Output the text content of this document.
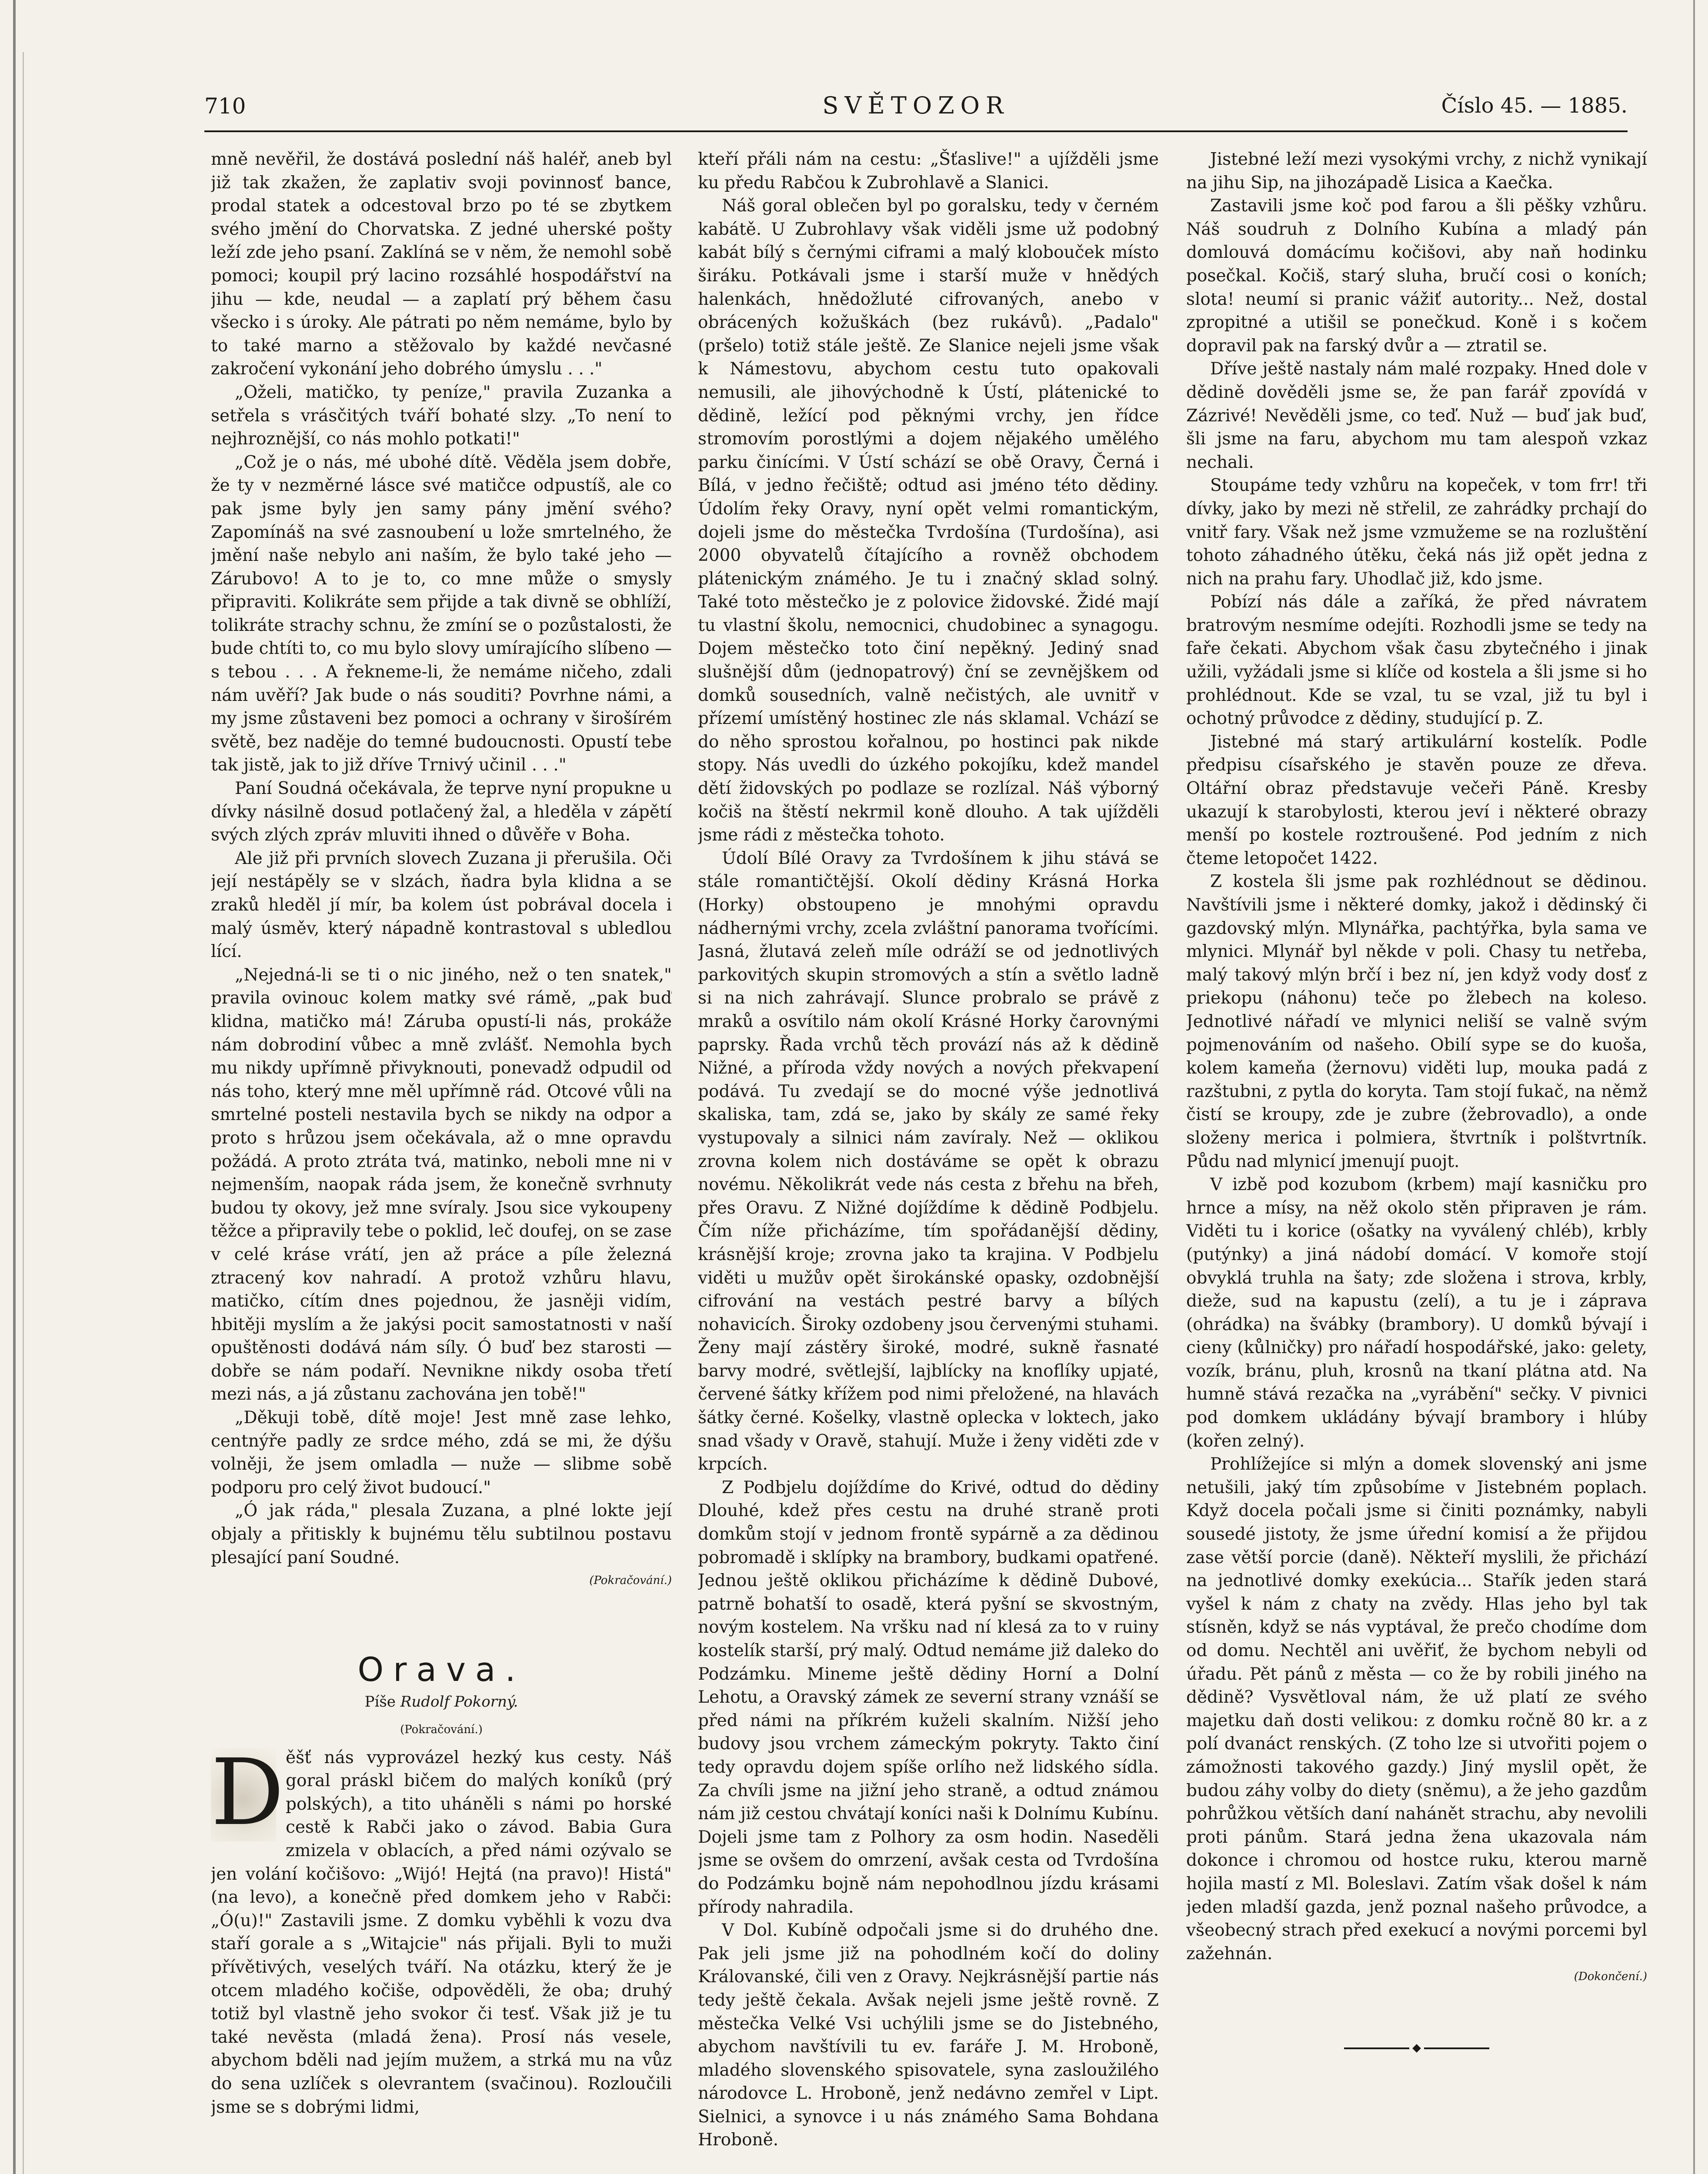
710	SVĚTOZOR	Číslo 45. — 1885.

mně nevěřil, že dostává poslední náš haléř, aneb byl již tak zkažen, že zaplativ svoji povinnosť bance, prodal statek a odcestoval brzo po té se zbytkem svého jmění do Chorvatska. Z jedné uherské pošty leží zde jeho psaní. Zaklíná se v něm, že nemohl sobě pomoci; koupil prý lacino rozsáhlé hospodářství na jihu — kde, neudal — a zaplatí prý během času všecko i s úroky. Ale pátrati po něm nemáme, bylo by to také marno a stěžovalo by každé nevčasné zakročení vykonání jeho dobrého úmyslu . . ."

„Oželi, matičko, ty peníze," pravila Zuzanka a setřela s vrásčitých tváří bohaté slzy. „To není to nejhroznější, co nás mohlo potkati!"

„Což je o nás, mé ubohé dítě. Věděla jsem dobře, že ty v nezměrné lásce své matičce odpustíš, ale co pak jsme byly jen samy pány jmění svého? Zapomínáš na své zasnoubení u lože smrtelného, že jmění naše nebylo ani naším, že bylo také jeho — Zárubovo! A to je to, co mne může o smysly připraviti. Kolikráte sem přijde a tak divně se obhlíží, tolikráte strachy schnu, že zmíní se o pozůstalosti, že bude chtíti to, co mu bylo slovy umírajícího slíbeno — s tebou . . . A řekneme-li, že nemáme ničeho, zdali nám uvěří? Jak bude o nás souditi? Povrhne námi, a my jsme zůstaveni bez pomoci a ochrany v širošírém světě, bez naděje do temné budoucnosti. Opustí tebe tak jistě, jak to již dříve Trnivý učinil . . ."

Paní Soudná očekávala, že teprve nyní propukne u dívky násilně dosud potlačený žal, a hleděla v zápětí svých zlých zpráv mluviti ihned o důvěře v Boha.

Ale již při prvních slovech Zuzana ji přerušila. Oči její nestápěly se v slzách, ňadra byla klidna a se zraků hleděl jí mír, ba kolem úst pobrával docela i malý úsměv, který nápadně kontrastoval s ubledlou lící.

„Nejedná-li se ti o nic jiného, než o ten snatek," pravila ovinouc kolem matky své rámě, „pak buď klidna, matičko má! Záruba opustí-li nás, prokáže nám dobrodiní vůbec a mně zvlášť. Nemohla bych mu nikdy upřímně přivyknouti, ponevadž odpudil od nás toho, který mne měl upřímně rád. Otcové vůli na smrtelné posteli nestavila bych se nikdy na odpor a proto s hrůzou jsem očekávala, až o mne opravdu požádá. A proto ztráta tvá, matinko, neboli mne ni v nejmenším, naopak ráda jsem, že konečně svrhnuty budou ty okovy, jež mne svíraly. Jsou sice vykoupeny těžce a připravily tebe o poklid, leč doufej, on se zase v celé kráse vrátí, jen až práce a píle železná ztracený kov nahradí. A protož vzhůru hlavu, matičko, cítím dnes pojednou, že jasněji vidím, hbitěji myslím a že jakýsi pocit samostatnosti v naší opuštěnosti dodává nám síly. Ó buď bez starosti — dobře se nám podaří. Nevnikne nikdy osoba třetí mezi nás, a já zůstanu zachována jen tobě!"

„Děkuji tobě, dítě moje! Jest mně zase lehko, centnýře padly ze srdce mého, zdá se mi, že dýšu volněji, že jsem omladla — nuže — slibme sobě podporu pro celý život budoucí."

„Ó jak ráda," plesala Zuzana, a plné lokte její objaly a přitiskly k bujnému tělu subtilnou postavu plesající paní Soudné.

(Pokračování.)
Orava.
Píše Rudolf Pokorný.
(Pokračování.)

D ěšť nás vyprovázel hezký kus cesty. Náš goral práskl bičem do malých koníků (prý polských), a tito uháněli s námi po horské cestě k Rabči jako o závod. Babia Gura zmizela v oblacích, a před námi ozývalo se jen volání kočišovo: „Wijó! Hejtá (na pravo)! Histá" (na levo), a konečně před domkem jeho v Rabči: „Ó(u)!" Zastavili jsme. Z domku vyběhli k vozu dva staří gorale a s „Witajcie" nás přijali. Byli to muži přívětivých, veselých tváří. Na otázku, který že je otcem mladého kočiše, odpověděli, že oba; druhý totiž byl vlastně jeho svokor či tesť. Však již je tu také nevěsta (mladá žena). Prosí nás vesele, abychom bděli nad jejím mužem, a strká mu na vůz do sena uzlíček s olevrantem (svačinou). Rozloučili jsme se s dobrými lidmi,

kteří přáli nám na cestu: „Šťaslive!" a ujížděli jsme ku předu Rabčou k Zubrohlavě a Slanici.

Náš goral oblečen byl po goralsku, tedy v černém kabátě. U Zubrohlavy však viděli jsme už podobný kabát bílý s černými ciframi a malý klobouček místo širáku. Potkávali jsme i starší muže v hnědých halenkách, hnědožluté cifrovaných, anebo v obrácených kožuškách (bez rukávů). „Padalo" (pršelo) totiž stále ještě. Ze Slanice nejeli jsme však k Námestovu, abychom cestu tuto opakovali nemusili, ale jihovýchodně k Ústí, plátenické to dědině, ležící pod pěknými vrchy, jen řídce stromovím porostlými a dojem nějakého umělého parku činícími. V Ústí schází se obě Oravy, Černá i Bílá, v jedno řečiště; odtud asi jméno této dědiny. Údolím řeky Oravy, nyní opět velmi romantickým, dojeli jsme do městečka Tvrdošína (Turdošína), asi 2000 obyvatelů čítajícího a rovněž obchodem plátenickým známého. Je tu i značný sklad solný. Také toto městečko je z polovice židovské. Židé mají tu vlastní školu, nemocnici, chudobinec a synagogu. Dojem městečko toto činí nepěkný. Jediný snad slušnější dům (jednopatrový) ční se zevnějškem od domků sousedních, valně nečistých, ale uvnitř v přízemí umístěný hostinec zle nás sklamal. Vchází se do něho sprostou kořalnou, po hostinci pak nikde stopy. Nás uvedli do úzkého pokojíku, kdež mandel dětí židovských po podlaze se rozlízal. Náš výborný kočiš na štěstí nekrmil koně dlouho. A tak ujížděli jsme rádi z městečka tohoto.

Údolí Bílé Oravy za Tvrdošínem k jihu stává se stále romantičtější. Okolí dědiny Krásná Horka (Horky) obstoupeno je mnohými opravdu nádhernými vrchy, zcela zvláštní panorama tvořícími. Jasná, žlutavá zeleň míle odráží se od jednotlivých parkovitých skupin stromových a stín a světlo ladně si na nich zahrávají. Slunce probralo se právě z mraků a osvítilo nám okolí Krásné Horky čarovnými paprsky. Řada vrchů těch provází nás až k dědině Nižné, a příroda vždy nových a nových překvapení podává. Tu zvedají se do mocné výše jednotlivá skaliska, tam, zdá se, jako by skály ze samé řeky vystupovaly a silnici nám zavíraly. Než — oklikou zrovna kolem nich dostáváme se opět k obrazu novému. Několikrát vede nás cesta z břehu na břeh, přes Oravu. Z Nižné dojíždíme k dědině Podbjelu. Čím níže přicházíme, tím spořádanější dědiny, krásnější kroje; zrovna jako ta krajina. V Podbjelu viděti u mužův opět širokánské opasky, ozdobnější cifrování na vestách pestré barvy a bílých nohavicích. Široky ozdobeny jsou červenými stuhami. Ženy mají zástěry široké, modré, sukně řasnaté barvy modré, světlejší, lajblícky na knoflíky upjaté, červené šátky křížem pod nimi přeložené, na hlavách šátky černé. Košelky, vlastně oplecka v loktech, jako snad všady v Oravě, stahují. Muže i ženy viděti zde v krpcích.

Z Podbjelu dojíždíme do Krivé, odtud do dědiny Dlouhé, kdež přes cestu na druhé straně proti domkům stojí v jednom frontě sypárně a za dědinou pobromadě i sklípky na brambory, budkami opatřené. Jednou ještě oklikou přicházíme k dědině Dubové, patrně bohatší to osadě, která pyšní se skvostným, novým kostelem. Na vršku nad ní klesá za to v ruiny kostelík starší, prý malý. Odtud nemáme již daleko do Podzámku. Mineme ještě dědiny Horní a Dolní Lehotu, a Oravský zámek ze severní strany vznáší se před námi na příkrém kuželi skalním. Nižší jeho budovy jsou vrchem zámeckým pokryty. Takto činí tedy opravdu dojem spíše orlího než lidského sídla. Za chvíli jsme na jižní jeho straně, a odtud známou nám již cestou chvátají koníci naši k Dolnímu Kubínu. Dojeli jsme tam z Polhory za osm hodin. Naseděli jsme se ovšem do omrzení, avšak cesta od Tvrdošína do Podzámku bojně nám nepohodlnou jízdu krásami přírody nahradila.

V Dol. Kubíně odpočali jsme si do druhého dne. Pak jeli jsme již na pohodlném kočí do doliny Královanské, čili ven z Oravy. Nejkrásnější partie nás tedy ještě čekala. Avšak nejeli jsme ještě rovně. Z městečka Velké Vsi uchýlili jsme se do Jistebného, abychom navštívili tu ev. faráře J. M. Hroboně, mladého slovenského spisovatele, syna zasloužilého národovce L. Hroboně, jenž nedávno zemřel v Lipt. Sielnici, a synovce i u nás známého Sama Bohdana Hroboně.

Jistebné leží mezi vysokými vrchy, z nichž vynikají na jihu Sip, na jihozápadě Lisica a Kaečka.

Zastavili jsme koč pod farou a šli pěšky vzhůru. Náš soudruh z Dolního Kubína a mladý pán domlouvá domácímu kočišovi, aby naň hodinku posečkal. Kočiš, starý sluha, bručí cosi o koních; slota! neumí si pranic vážiť autority... Než, dostal zpropitné a utišil se ponečkud. Koně i s kočem dopravil pak na farský dvůr a — ztratil se.

Dříve ještě nastaly nám malé rozpaky. Hned dole v dědině dověděli jsme se, že pan farář zpovídá v Zázrivé! Nevěděli jsme, co teď. Nuž — buď jak buď, šli jsme na faru, abychom mu tam alespoň vzkaz nechali.

Stoupáme tedy vzhůru na kopeček, v tom frr! tři dívky, jako by mezi ně střelil, ze zahrádky prchají do vnitř fary. Však než jsme vzmužeme se na rozluštění tohoto záhadného útěku, čeká nás již opět jedna z nich na prahu fary. Uhodlač již, kdo jsme.

Pobízí nás dále a zaříká, že před návratem bratrovým nesmíme odejíti. Rozhodli jsme se tedy na faře čekati. Abychom však času zbytečného i jinak užili, vyžádali jsme si klíče od kostela a šli jsme si ho prohlédnout. Kde se vzal, tu se vzal, již tu byl i ochotný průvodce z dědiny, studující p. Z.

Jistebné má starý artikulární kostelík. Podle předpisu císařského je stavěn pouze ze dřeva. Oltářní obraz představuje večeři Páně. Kresby ukazují k starobylosti, kterou jeví i některé obrazy menší po kostele roztroušené. Pod jedním z nich čteme letopočet 1422.

Z kostela šli jsme pak rozhlédnout se dědinou. Navštívili jsme i některé domky, jakož i dědinský či gazdovský mlýn. Mlynářka, pachtýřka, byla sama ve mlynici. Mlynář byl někde v poli. Chasy tu netřeba, malý takový mlýn brčí i bez ní, jen když vody dosť z priekopu (náhonu) teče po žlebech na koleso. Jednotlivé nářadí ve mlynici neliší se valně svým pojmenováním od našeho. Obilí sype se do kuoša, kolem kameňa (žernovu) viděti lup, mouka padá z razštubni, z pytla do koryta. Tam stojí fukač, na němž čistí se kroupy, zde je zubre (žebrovadlo), a onde složeny merica i polmiera, štvrtník i polštvrtník. Půdu nad mlynicí jmenují puojt.

V izbě pod kozubom (krbem) mají kasničku pro hrnce a mísy, na něž okolo stěn připraven je rám. Viděti tu i korice (ošatky na vyválený chléb), krbly (putýnky) a jiná nádobí domácí. V komoře stojí obvyklá truhla na šaty; zde složena i strova, krbly, dieže, sud na kapustu (zelí), a tu je i zápravа (ohrádka) na švábky (brambory). U domků bývají i cieny (kůlničky) pro nářadí hospodářské, jako: gelety, vozík, bránu, pluh, krosnů na tkaní plátna atd. Na humně stává rezačka na „vyrábění" sečky. V pivnici pod domkem ukládány bývají brambory i hlúby (kořen zelný).

Prohlížejíce si mlýn a domek slovenský ani jsme netušili, jaký tím způsobíme v Jistebném poplach. Když docela počali jsme si činiti poznámky, nabyli sousedé jistoty, že jsme úřední komisí a že přijdou zase větší porcie (daně). Někteří myslili, že přichází na jednotlivé domky exekúcia... Stařík jeden stará vyšel k nám z chaty na zvědy. Hlas jeho byl tak stísněn, když se nás vyptával, že prečo chodíme dom od domu. Nechtěl ani uvěřiť, že bychom nebyli od úřadu. Pět pánů z města — co že by robili jiného na dědině? Vysvětloval nám, že už platí ze svého majetku daň dosti velikou: z domku ročně 80 kr. a z polí dvanáct renských. (Z toho lze si utvořiti pojem o zámožnosti takového gazdy.) Jiný myslil opět, že budou záhy volby do diety (sněmu), a že jeho gazdům pohrůžkou větších daní nahánět strachu, aby nevolili proti pánům. Stará jedna žena ukazovala nám dokonce i chromou od hostce ruku, kterou marně hojila mastí z Ml. Boleslavi. Zatím však došel k nám jeden mladší gazda, jenž poznal našeho průvodce, a všeobecný strach před exekucí a novými porcemi byl zažehnán.

(Dokončení.)
